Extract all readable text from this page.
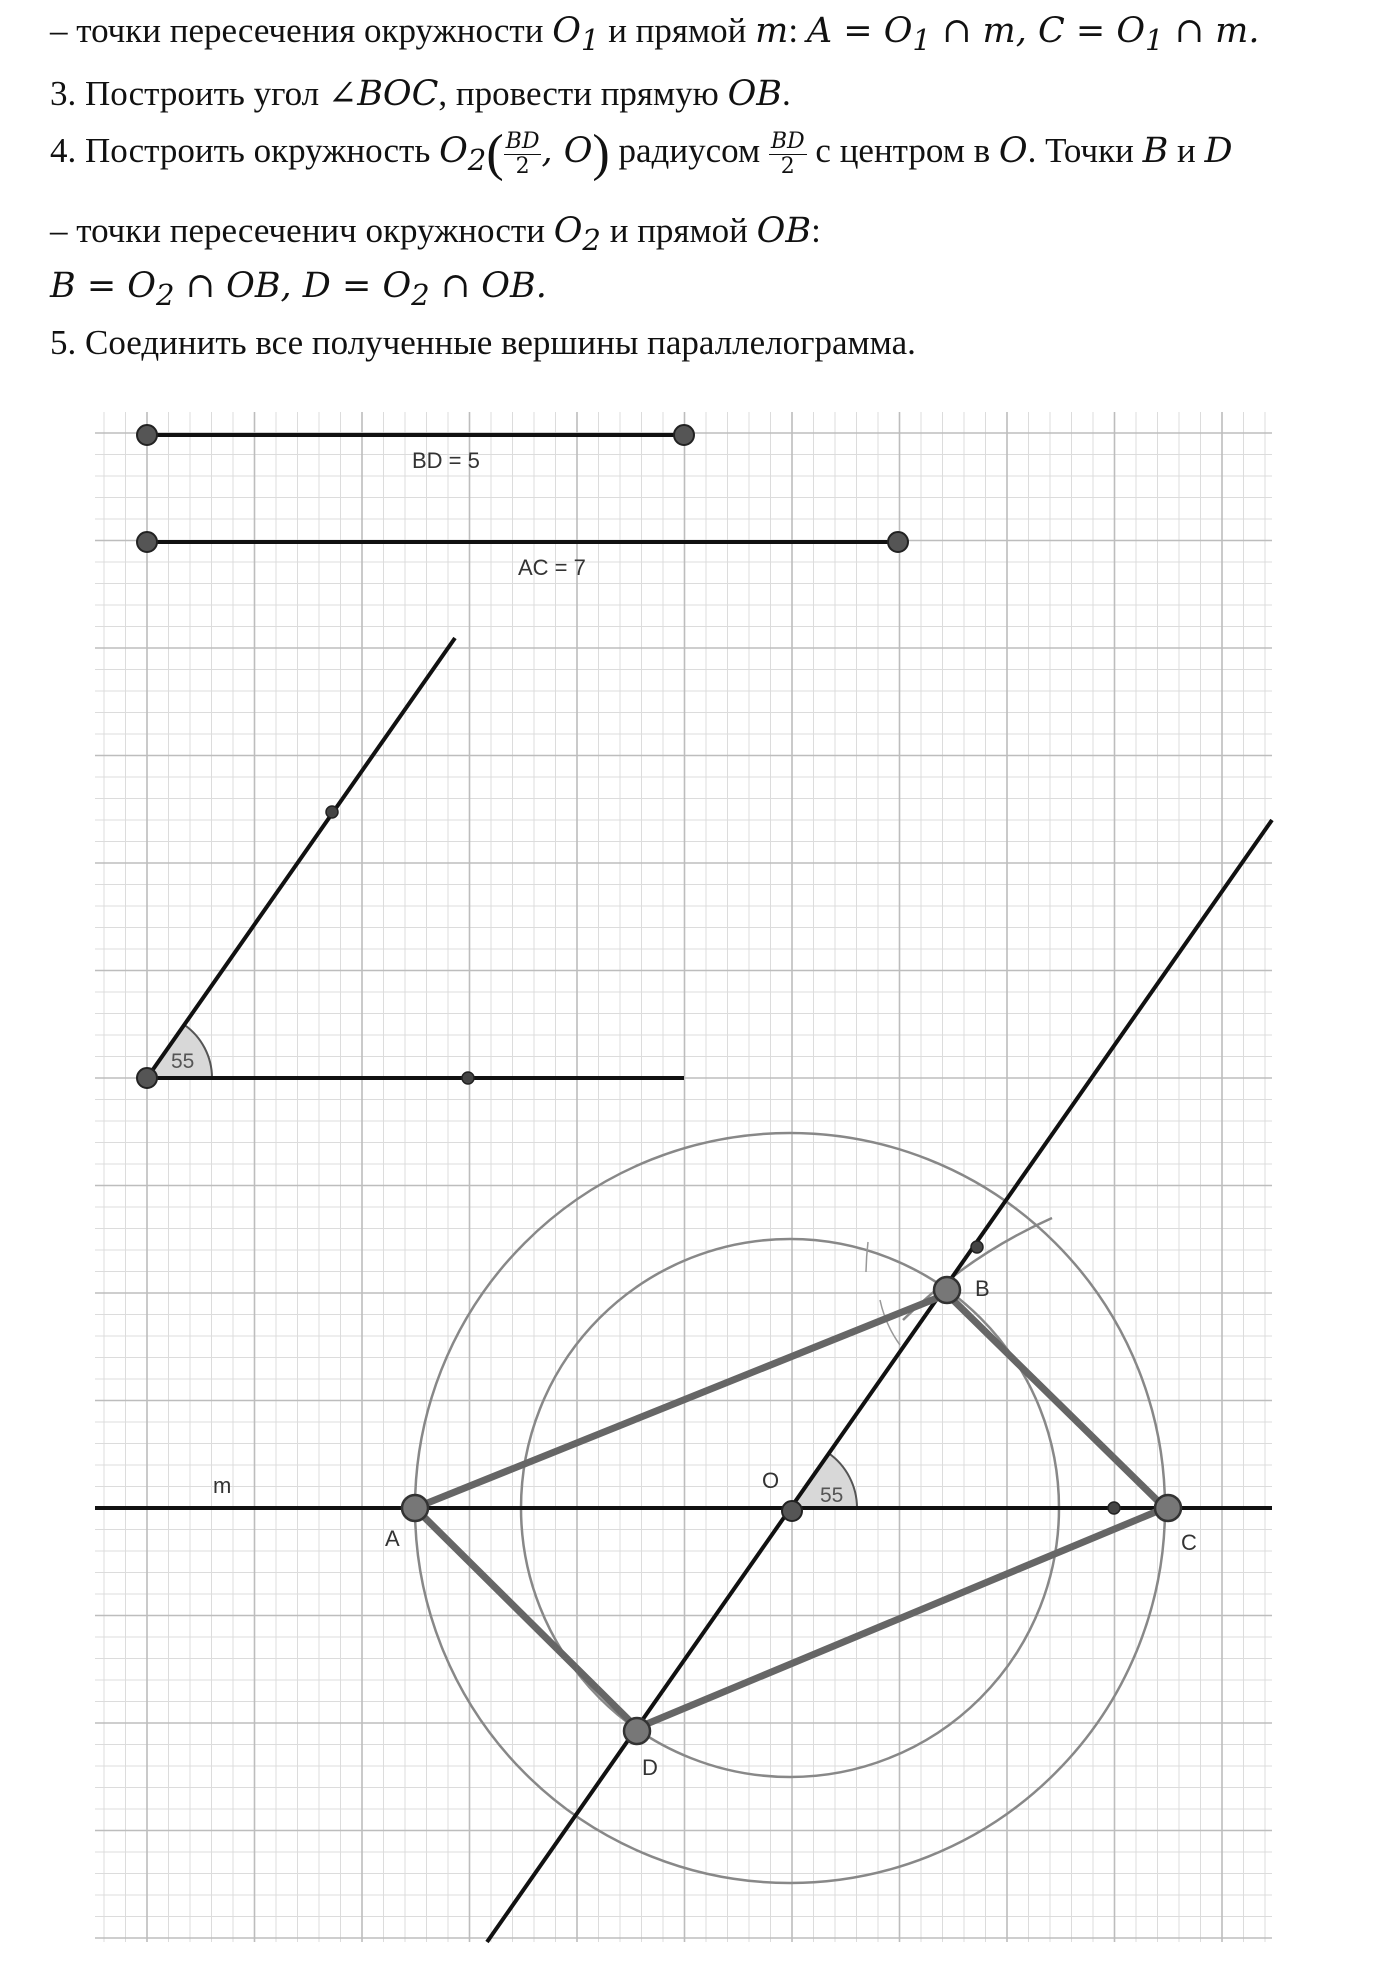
– точки пересечения окружности 𝑂$_1$ и прямой 𝑚: 𝐴 = 𝑂$_1$ ∩ 𝑚, 𝐶 = 𝑂$_1$ ∩ 𝑚.
3. Построить угол ∠𝐵𝑂𝐶, провести прямую 𝑂𝐵.
4. Построить окружность 𝑂$_2$( $\frac{\text{𝐵𝐷}}{2}$ , 𝑂) радиусом $\frac{\text{𝐵𝐷}}{2}$ с центром в 𝑂. Точки 𝐵 и 𝐷
– точки пересеченич окружности 𝑂$_2$ и прямой 𝑂𝐵:
𝐵 = 𝑂$_2$ ∩ 𝑂𝐵, 𝐷 = 𝑂$_2$ ∩ 𝑂𝐵.
5. Соединить все полученные вершины параллелограмма.
BD = 5
AC = 7
55
m
A
B
C
D
O
55
